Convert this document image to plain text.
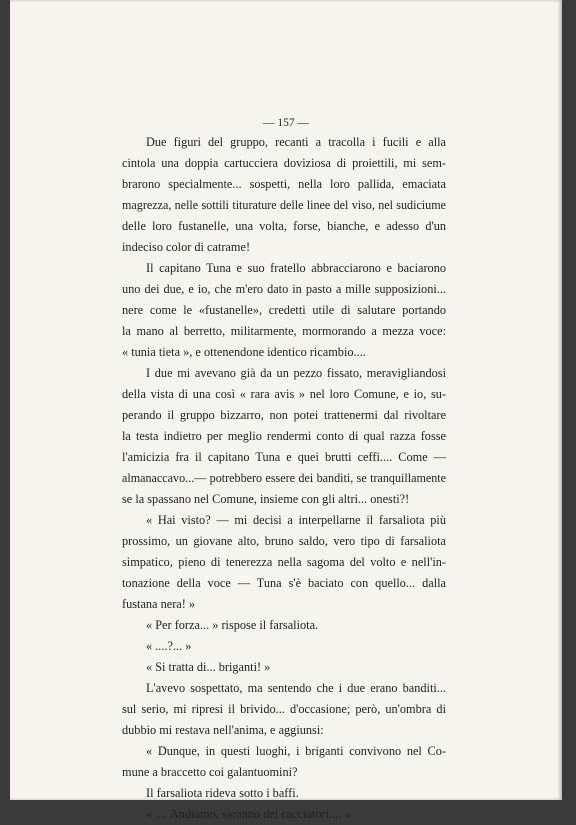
— 157 —
Due figuri del gruppo, recanti a tracolla i fucili e alla
cintola una doppia cartucciera doviziosa di proiettili, mi sem-
brarono specialmente... sospetti, nella loro pallida, emaciata
magrezza, nelle sottili titurature delle linee del viso, nel sudiciume
delle loro fustanelle, una volta, forse, bianche, e adesso d'un
indeciso color di catrame!
Il capitano Tuna e suo fratello abbracciarono e baciarono
uno dei due, e io, che m'ero dato in pasto a mille supposizioni...
nere come le «fustanelle», credetti utile di salutare portando
la mano al berretto, militarmente, mormorando a mezza voce:
« tunia tieta », e ottenendone identico ricambio....
I due mi avevano già da un pezzo fissato, meravigliandosi
della vista di una così « rara avis » nel loro Comune, e io, su-
perando il gruppo bizzarro, non potei trattenermi dal rivoltare
la testa indietro per meglio rendermi conto di qual razza fosse
l'amicizia fra il capitano Tuna e quei brutti ceffi.... Come —
almanaccavo...— potrebbero essere dei banditi, se tranquillamente
se la spassano nel Comune, insieme con gli altri... onesti?!
« Hai visto? — mi decisi a interpellarne il farsaliota più
prossimo, un giovane alto, bruno saldo, vero tipo di farsaliota
simpatico, pieno di tenerezza nella sagoma del volto e nell'in-
tonazione della voce — Tuna s'è baciato con quello... dalla
fustana nera! »
« Per forza... » rispose il farsaliota.
« ....?... »
« Si tratta di... briganti! »
L'avevo sospettato, ma sentendo che i due erano banditi...
sul serio, mi ripresi il brivido... d'occasione; però, un'ombra di
dubbio mi restava nell'anima, e aggiunsi:
« Dunque, in questi luoghi, i briganti convivono nel Co-
mune a braccetto coi galantuomini?
Il farsaliota rideva sotto i baffi.
« .... Andiamo, saranno dei cacciatori.... »
